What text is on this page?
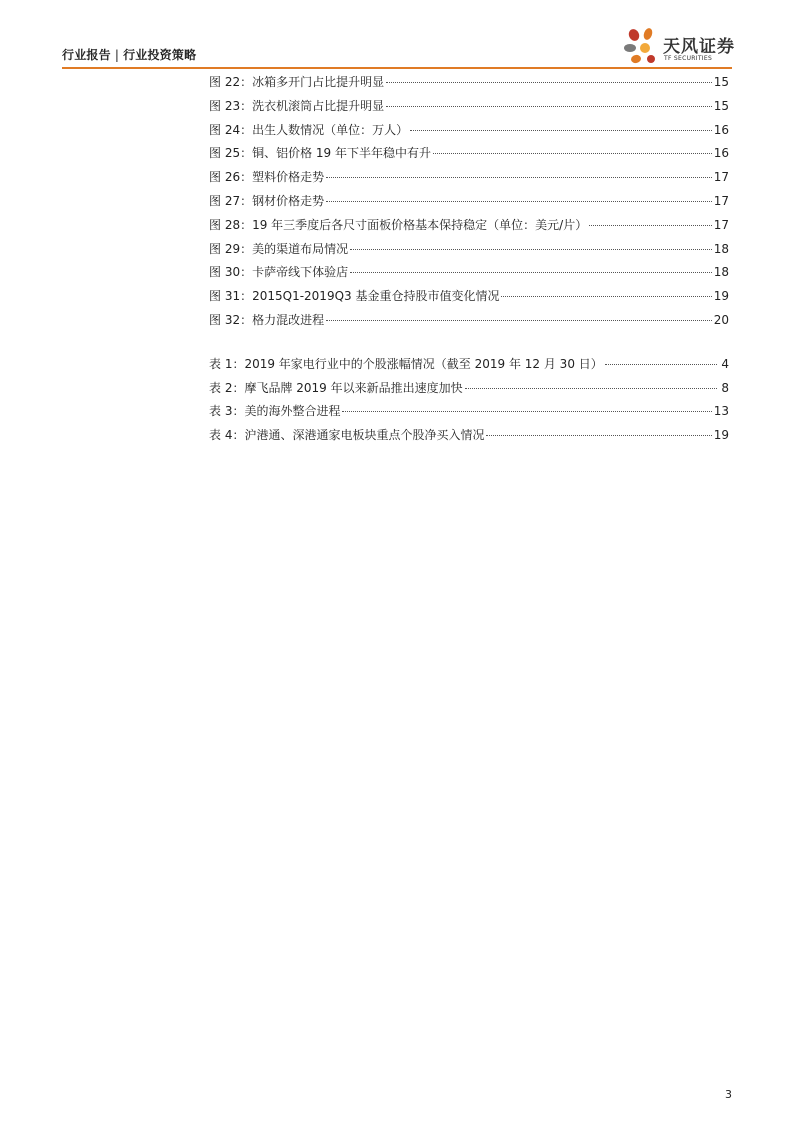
行业报告 | 行业投资策略	天风证券
TF SECURITIES
图 22：冰箱多开门占比提升明显	15
图 23：洗衣机滚筒占比提升明显	15
图 24：出生人数情况（单位：万人）	16
图 25：铜、铝价格 19 年下半年稳中有升	16
图 26：塑料价格走势	17
图 27：钢材价格走势	17
图 28：19 年三季度后各尺寸面板价格基本保持稳定（单位：美元/片）	17
图 29：美的渠道布局情况	18
图 30：卡萨帝线下体验店	18
图 31：2015Q1-2019Q3 基金重仓持股市值变化情况	19
图 32：格力混改进程	20
表 1：2019 年家电行业中的个股涨幅情况（截至 2019 年 12 月 30 日）	4
表 2：摩飞品牌 2019 年以来新品推出速度加快	8
表 3：美的海外整合进程	13
表 4：沪港通、深港通家电板块重点个股净买入情况	19
3
